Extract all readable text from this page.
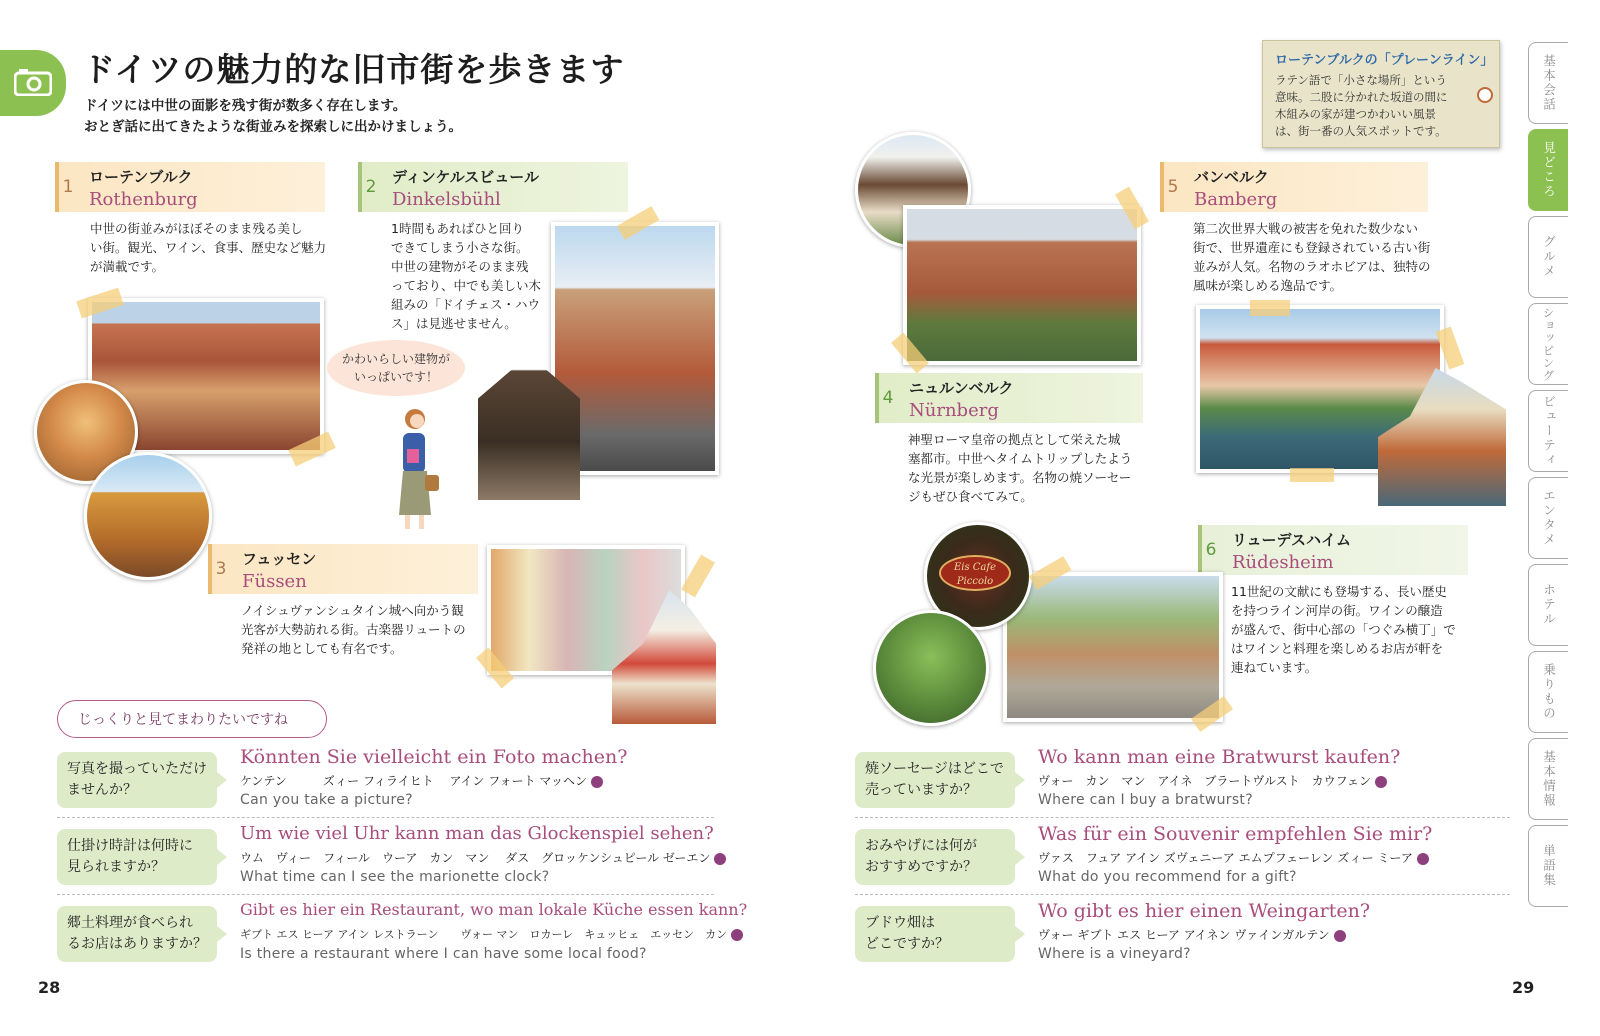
ドイツの魅力的な旧市街を歩きます
ドイツには中世の面影を残す街が数多く存在します。
おとぎ話に出てきたような街並みを探索しに出かけましょう。
1	ローテンブルク
Rothenburg
中世の街並みがほぼそのまま残る美し
い街。観光、ワイン、食事、歴史など魅力
が満載です。
2	ディンケルスビュール
Dinkelsbühl
1時間もあればひと回り
できてしまう小さな街。
中世の建物がそのまま残
っており、中でも美しい木
組みの「ドイチェス・ハウ
ス」は見逃せません。
かわいらしい建物が
いっぱいです！
3	フュッセン
Füssen
ノイシュヴァンシュタイン城へ向かう観
光客が大勢訪れる街。古楽器リュートの
発祥の地としても有名です。
じっくりと見てまわりたいですね
写真を撮っていただけ
ませんか？
Könnten Sie vielleicht ein Foto machen?
ケンテン　　　ズィー フィライヒト　 アイン フォート マッヘン
Can you take a picture?
仕掛け時計は何時に
見られますか？
Um wie viel Uhr kann man das Glockenspiel sehen?
ウム　ヴィー　フィール　ウーア　カン　マン　 ダス　グロッケンシュピール ゼーエン
What time can I see the marionette clock?
郷土料理が食べられ
るお店はありますか？
Gibt es hier ein Restaurant, wo man lokale Küche essen kann?
ギブト エス ヒーア アイン レストラーン　　ヴォー マン　ロカーレ　キュッヒェ　エッセン　カン
Is there a restaurant where I can have some local food?
28
4	ニュルンベルク
Nürnberg
神聖ローマ皇帝の拠点として栄えた城
塞都市。中世へタイムトリップしたよう
な光景が楽しめます。名物の焼ソーセー
ジもぜひ食べてみて。
5	バンベルク
Bamberg
第二次世界大戦の被害を免れた数少ない
街で、世界遺産にも登録されている古い街
並みが人気。名物のラオホビアは、独特の
風味が楽しめる逸品です。
6	リューデスハイム
Rüdesheim
11世紀の文献にも登場する、長い歴史
を持つライン河岸の街。ワインの醸造
が盛んで、街中心部の「つぐみ横丁」で
はワインと料理を楽しめるお店が軒を
連ねています。
Eis Cafe
Piccolo
焼ソーセージはどこで
売っていますか？
Wo kann man eine Bratwurst kaufen?
ヴォー　カン　マン　アイネ　ブラートヴルスト　カウフェン
Where can I buy a bratwurst?
おみやげには何が
おすすめですか？
Was für ein Souvenir empfehlen Sie mir?
ヴァス　フュア アイン ズヴェニーア エムプフェーレン ズィー ミーア
What do you recommend for a gift?
ブドウ畑は
どこですか？
Wo gibt es hier einen Weingarten?
ヴォー ギブト エス ヒーア アイネン ヴァインガルテン
Where is a vineyard?
29
ローテンブルクの「プレーンライン」
ラテン語で「小さな場所」という
意味。二股に分かれた坂道の間に
木組みの家が建つかわいい風景
は、街一番の人気スポットです。
基本会話
見どころ
グルメ
ショッピング
ビューティ
エンタメ
ホテル
乗りもの
基本情報
単語集
